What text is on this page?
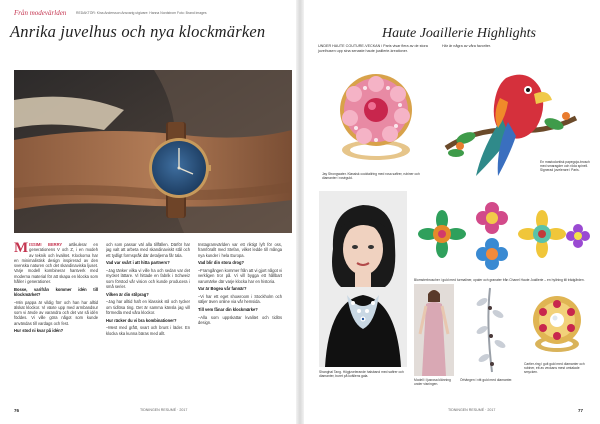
Från modevärlden	REDAKTÖR: Kina Andersson Ansvarig utgivare: Hanna Nordstrom Foto: Brand images
Anrika juvelhus och nya klockmärken

M ISSIMI BERRY artikulerar en generationens V och Z, i en modeh av teknik och kvalitet. Klockorna har en minimalistisk design inspirerad av den svenska naturen och det skandinaviska ljuset. Varje modell kombinerar hantverk med moderna material för att skapa en klocka som håller i generationer.

Bosse, varifrån kommer idén till klockmärket?

–Min pappa är vildig förr och han har alltid älskat klockor. Vi växte upp med armbandsur som vi ärvde av varandra och det var så idén föddes. Vi ville göra något som kunde användas till vardags och fest.

Hur stod ni kvar på idén?

och som passar väl alla tillfällen. Därför har jag valt att arbeta med skandinaviskt stål och ett tydligt formspråk där detaljerna får tala.

Vad var svårt i att hitta partners?

–Jag tänker vilka vi ville ha och sedan var det mycket lättare. Vi hittade en fabrik i Schweiz som förstod vår vision och kunde producera i små serier.

Vilken är din stilprag?

–Jag har alltid haft en klassisk stil och tycker om tidlösa ting. Det är samma känsla jag vill förmedla med våra klockor.

Hur räcker du vi bra kombinationer?

–Mest med grått, svart och brunt i läder. En klocka ska kunna bäras med allt.

Instagramvärlden var ett riktigt lyft för oss, framförallt med Stefan, vilket ledde till många nya kunder i hela Europa.

Vad blir din stora drog?

–Framgången kommer från att vi gjort något vi verkligen tror på. Vi vill bygga ett hållbart varumärke där varje klocka har en historia.

Var är Bogea vår fannär?

–Vi har ett eget showroom i Stockholm och säljer även online via vår hemsida.

Till vem fånar din klockmärke?

–Alla som uppskattar kvalitet och tidlös design.

76	TIDNINGEN RESUMÉ · 2017
Haute Joaillerie Highlights
UNDER HAUTE COUTURE-VECKAN i Paris visar flera av de stora juvelhusen upp sina senaste haute joaillerie-kreationer.
Här är några av våra favoriter.
Jay Strongwater. Klassisk cocktailring med rosa safirer, rubiner och diamanter i roséguld.
En mastodontisk papegoja-brosch med smaragder och röda spinell. Signerad juvelerare i Paris.
Shanghai Tang. Högjuvelerande halsband med safirer och diamanter, buret på kvällens gala.
Blomsterbroscher i guld med turmaliner, opaler och granater från Chanel Haute Joaillerie – en hyllning till trädgården.
Modell i ljusrosa klänning under visningen.
Örhängen i vitt guld med diamanter.
Cartier-ring i gult guld med diamanter och rubiner, ett av veckans mest omtalade smycken.
77
TIDNINGEN RESUMÉ · 2017
